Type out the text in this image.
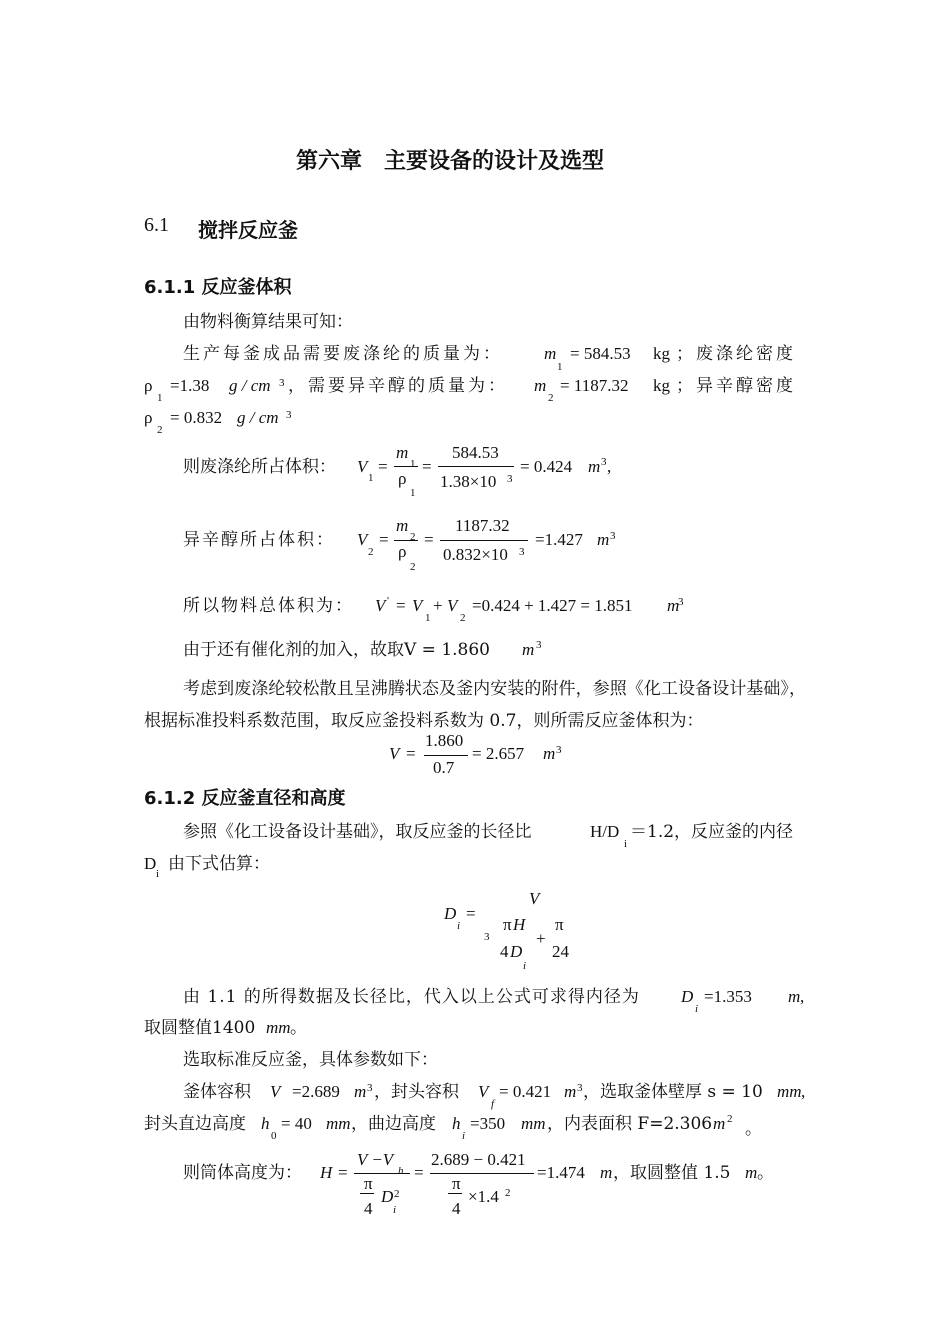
第六章　主要设备的设计及选型
6.1 搅拌反应釜
6.1.1 反应釜体积
由物料衡算结果可知：
生产每釜成品需要废涤纶的质量为： m
1
= 584.53 kg ；废涤纶密度
ρ
1
=1.38 g / cm 3 ，需要异辛醇的质量为： m
2
= 1187.32 kg ；异辛醇密度
ρ
2
= 0.832 g / cm 3
则废涤纶所占体积： V
1
=
m
1
ρ
1
=
584.53
1.38×10 3
= 0.424 m 3 ,
异辛醇所占体积： V
2
=
m
2
ρ
2
=
1187.32
0.832×10 3
=1.427 m 3
所以物料总体积为： V ' = V
1
+ V
2
=0.424 + 1.427 = 1.851 m
3
由于还有催化剂的加入，故取V = 1.860 m 3
考虑到废涤纶较松散且呈沸腾状态及釜内安装的附件，参照《化工设备设计基础》，根据标准投料系数范围，取反应釜投料系数为 0.7，则所需反应釜体积为：
V =
1.860
0.7
= 2.657 m 3
6.1.2 反应釜直径和高度
参照《化工设备设计基础》，取反应釜的长径比	H/D
i
＝1.2，反应釜的内径
D
i 由下式估算：
D
i
=
V
3
π H
4 D
i
+
π
24
由 1.1 的所得数据及长径比，代入以上公式可求得内径为 D
i
=1.353 m ,
取圆整值1400 mm 。
选取标准反应釜，具体参数如下：
釜体容积 V =2.689 m 3 ，封头容积 V
f
= 0.421 m 3 ，选取釜体壁厚 s = 10 mm ,
封头直边高度 h
0
= 40 mm ，曲边高度 h
i
=350 mm ，内表面积 F=2.306 m 2 。
则筒体高度为： H =
V −V
h
π
4
D 2
i
=
2.689 − 0.421
π
4
×1.4 2
=1.474 m ，取圆整值 1.5 m 。
